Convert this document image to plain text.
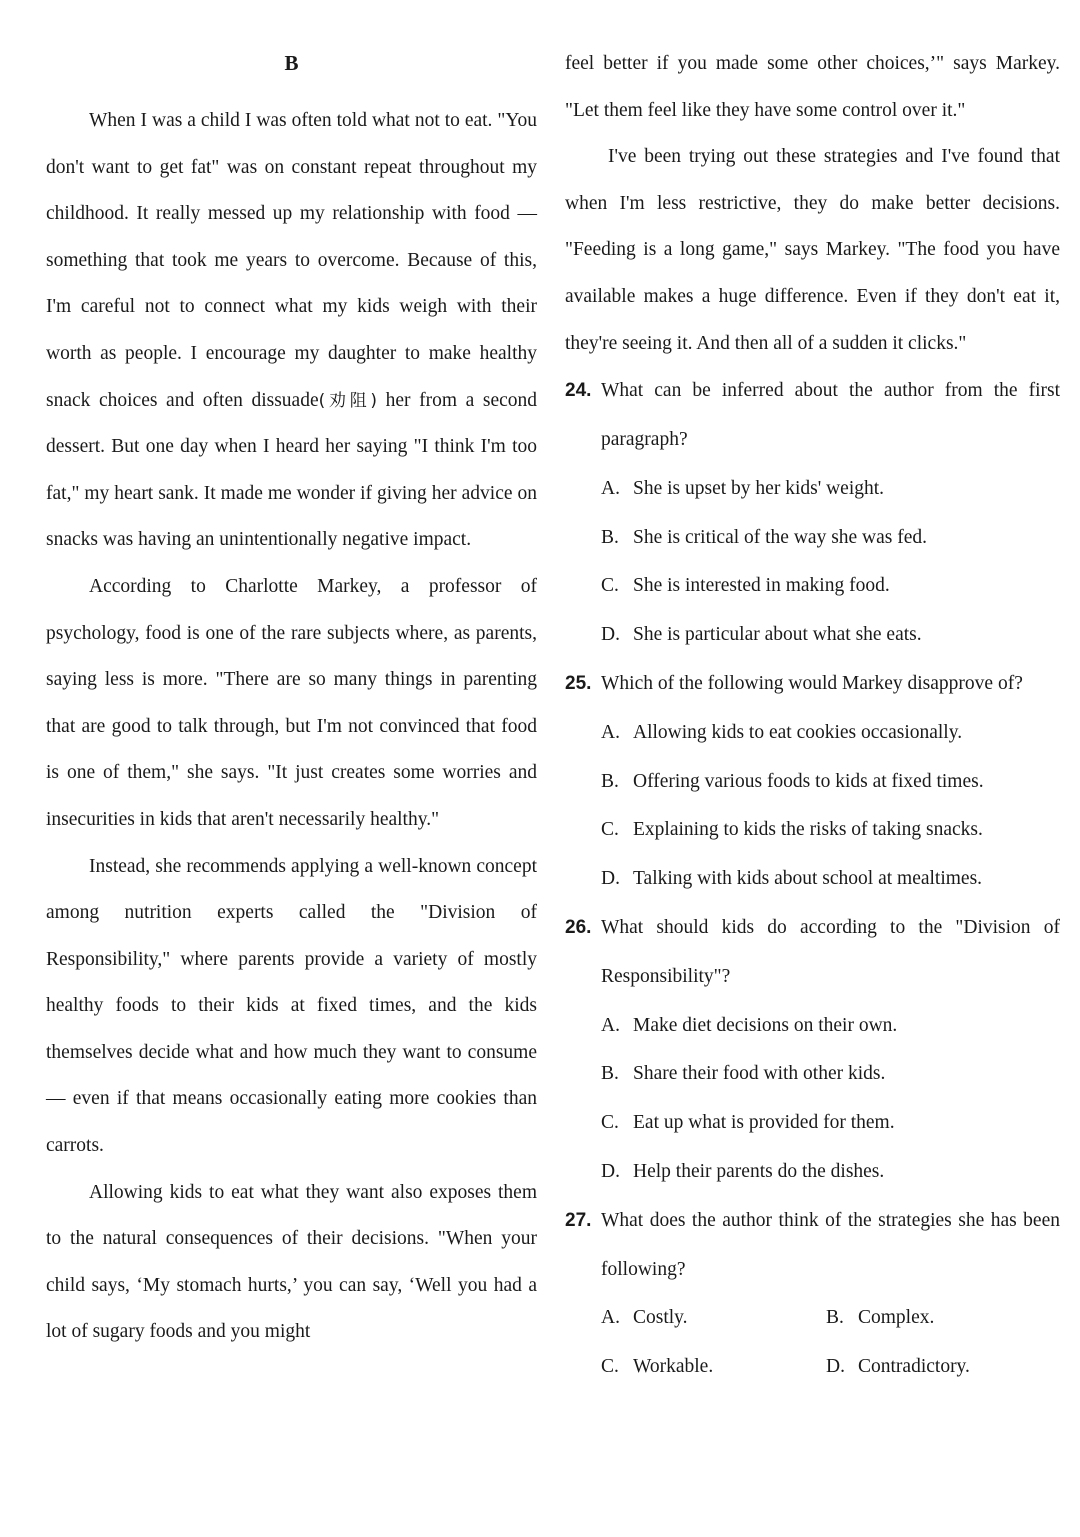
B

When I was a child I was often told what not to eat. "You don't want to get fat" was on constant repeat throughout my childhood. It really messed up my relationship with food — something that took me years to overcome. Because of this, I'm careful not to connect what my kids weigh with their worth as people. I encourage my daughter to make healthy snack choices and often dissuade(劝阻) her from a second dessert. But one day when I heard her saying "I think I'm too fat," my heart sank. It made me wonder if giving her advice on snacks was having an unintentionally negative impact.

According to Charlotte Markey, a professor of psychology, food is one of the rare subjects where, as parents, saying less is more. "There are so many things in parenting that are good to talk through, but I'm not convinced that food is one of them," she says. "It just creates some worries and insecurities in kids that aren't necessarily healthy."

Instead, she recommends applying a well-known concept among nutrition experts called the "Division of Responsibility," where parents provide a variety of mostly healthy foods to their kids at fixed times, and the kids themselves decide what and how much they want to consume — even if that means occasionally eating more cookies than carrots.

Allowing kids to eat what they want also exposes them to the natural consequences of their decisions. "When your child says, ‘My stomach hurts,’ you can say, ‘Well you had a lot of sugary foods and you might

feel better if you made some other choices,’" says Markey. "Let them feel like they have some control over it."

I've been trying out these strategies and I've found that when I'm less restrictive, they do make better decisions. "Feeding is a long game," says Markey. "The food you have available makes a huge difference. Even if they don't eat it, they're seeing it. And then all of a sudden it clicks."

24. What can be inferred about the author from the first paragraph?

A. She is upset by her kids' weight.

B. She is critical of the way she was fed.

C. She is interested in making food.

D. She is particular about what she eats.

25. Which of the following would Markey disapprove of?

A. Allowing kids to eat cookies occasionally.

B. Offering various foods to kids at fixed times.

C. Explaining to kids the risks of taking snacks.

D. Talking with kids about school at mealtimes.

26. What should kids do according to the "Division of Responsibility"?

A. Make diet decisions on their own.

B. Share their food with other kids.

C. Eat up what is provided for them.

D. Help their parents do the dishes.

27. What does the author think of the strategies she has been following?

A. Costly.	B. Complex.

C. Workable.	D. Contradictory.
